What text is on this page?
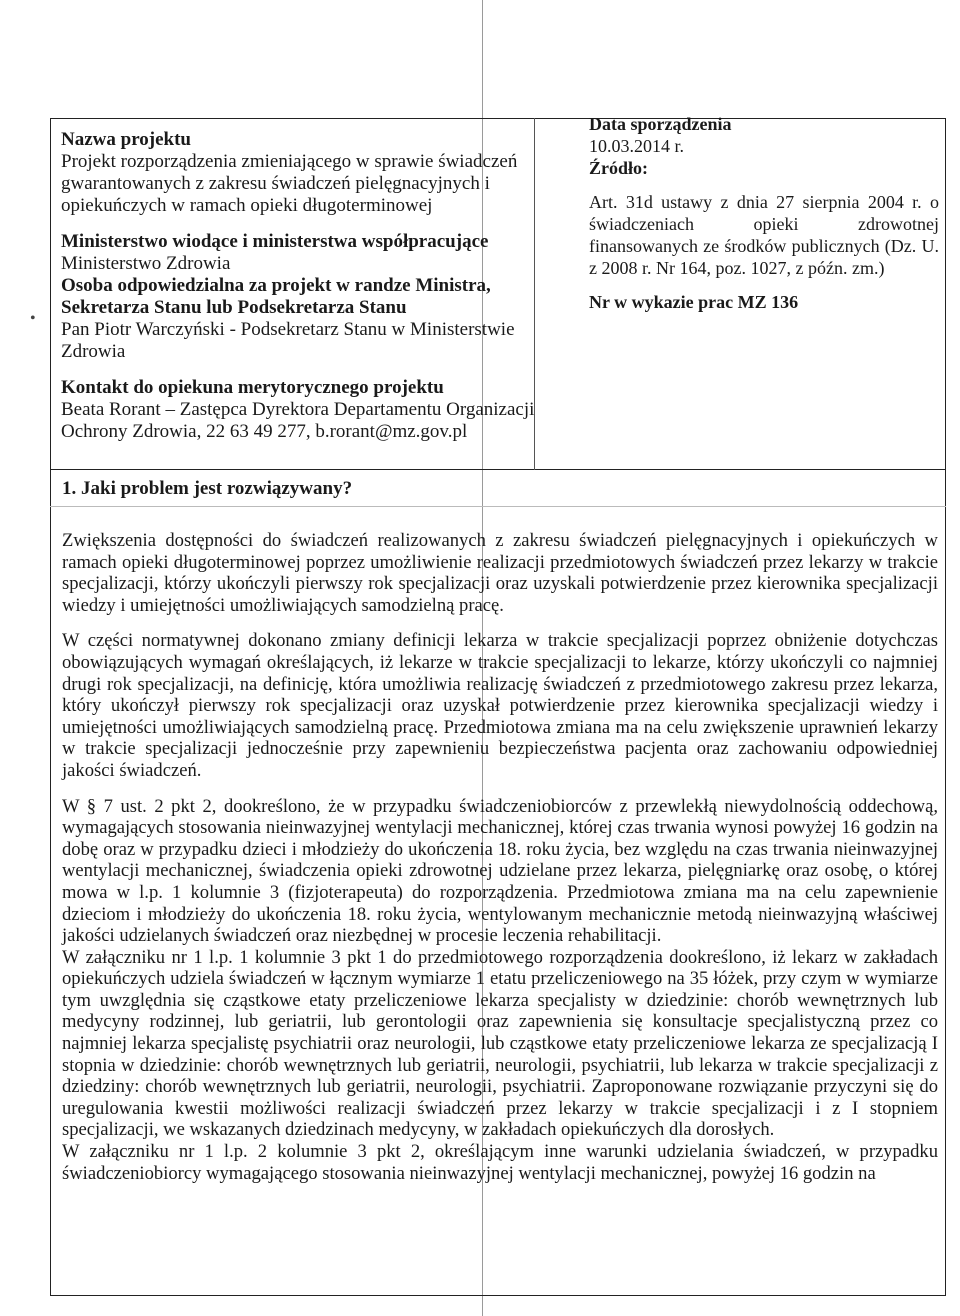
Nazwa projektu

Projekt rozporządzenia zmieniającego w sprawie świadczeń gwarantowanych z zakresu świadczeń pielęgnacyjnych i opiekuńczych w ramach opieki długoterminowej

Ministerstwo wiodące i ministerstwa współpracujące

Ministerstwo Zdrowia

Osoba odpowiedzialna za projekt w randze Ministra, Sekretarza Stanu lub Podsekretarza Stanu

Pan Piotr Warczyński - Podsekretarz Stanu w Ministerstwie Zdrowia

Kontakt do opiekuna merytorycznego projektu

Beata Rorant – Zastępca Dyrektora Departamentu Organizacji Ochrony Zdrowia, 22 63 49 277, b.rorant@mz.gov.pl

Data sporządzenia

10.03.2014 r.

Źródło:

Art. 31d ustawy z dnia 27 sierpnia 2004 r. o świadczeniach opieki zdrowotnej finansowanych ze środków publicznych (Dz. U. z 2008 r. Nr 164, poz. 1027, z późn. zm.)

Nr w wykazie prac MZ 136

•
1. Jaki problem jest rozwiązywany?

Zwiększenia dostępności do świadczeń realizowanych z zakresu świadczeń pielęgnacyjnych i opiekuńczych w ramach opieki długoterminowej poprzez umożliwienie realizacji przedmiotowych świadczeń przez lekarzy w trakcie specjalizacji, którzy ukończyli pierwszy rok specjalizacji oraz uzyskali potwierdzenie przez kierownika specjalizacji wiedzy i umiejętności umożliwiających samodzielną pracę.

W części normatywnej dokonano zmiany definicji lekarza w trakcie specjalizacji poprzez obniżenie dotychczas obowiązujących wymagań określających, iż lekarze w trakcie specjalizacji to lekarze, którzy ukończyli co najmniej drugi rok specjalizacji, na definicję, która umożliwia realizację świadczeń z przedmiotowego zakresu przez lekarza, który ukończył pierwszy rok specjalizacji oraz uzyskał potwierdzenie przez kierownika specjalizacji wiedzy i umiejętności umożliwiających samodzielną pracę. Przedmiotowa zmiana ma na celu zwiększenie uprawnień lekarzy w trakcie specjalizacji jednocześnie przy zapewnieniu bezpieczeństwa pacjenta oraz zachowaniu odpowiedniej jakości świadczeń.

W § 7 ust. 2 pkt 2, dookreślono, że w przypadku świadczeniobiorców z przewlekłą niewydolnością oddechową, wymagających stosowania nieinwazyjnej wentylacji mechanicznej, której czas trwania wynosi powyżej 16 godzin na dobę oraz w przypadku dzieci i młodzieży do ukończenia 18. roku życia, bez względu na czas trwania nieinwazyjnej wentylacji mechanicznej, świadczenia opieki zdrowotnej udzielane przez lekarza, pielęgniarkę oraz osobę, o której mowa w l.p. 1 kolumnie 3 (fizjoterapeuta) do rozporządzenia. Przedmiotowa zmiana ma na celu zapewnienie dzieciom i młodzieży do ukończenia 18. roku życia, wentylowanym mechanicznie metodą nieinwazyjną właściwej jakości udzielanych świadczeń oraz niezbędnej w procesie leczenia rehabilitacji.

W załączniku nr 1 l.p. 1 kolumnie 3 pkt 1 do przedmiotowego rozporządzenia dookreślono, iż lekarz w zakładach opiekuńczych udziela świadczeń w łącznym wymiarze 1 etatu przeliczeniowego na 35 łóżek, przy czym w wymiarze tym uwzględnia się cząstkowe etaty przeliczeniowe lekarza specjalisty w dziedzinie: chorób wewnętrznych lub medycyny rodzinnej, lub geriatrii, lub gerontologii oraz zapewnienia się konsultacje specjalistyczną przez co najmniej lekarza specjalistę psychiatrii oraz neurologii, lub cząstkowe etaty przeliczeniowe lekarza ze specjalizacją I stopnia w dziedzinie: chorób wewnętrznych lub geriatrii, neurologii, psychiatrii, lub lekarza w trakcie specjalizacji z dziedziny: chorób wewnętrznych lub geriatrii, neurologii, psychiatrii. Zaproponowane rozwiązanie przyczyni się do uregulowania kwestii możliwości realizacji świadczeń przez lekarzy w trakcie specjalizacji i z I stopniem specjalizacji, we wskazanych dziedzinach medycyny, w zakładach opiekuńczych dla dorosłych.

W załączniku nr 1 l.p. 2 kolumnie 3 pkt 2, określającym inne warunki udzielania świadczeń, w przypadku świadczeniobiorcy wymagającego stosowania nieinwazyjnej wentylacji mechanicznej, powyżej 16 godzin na
